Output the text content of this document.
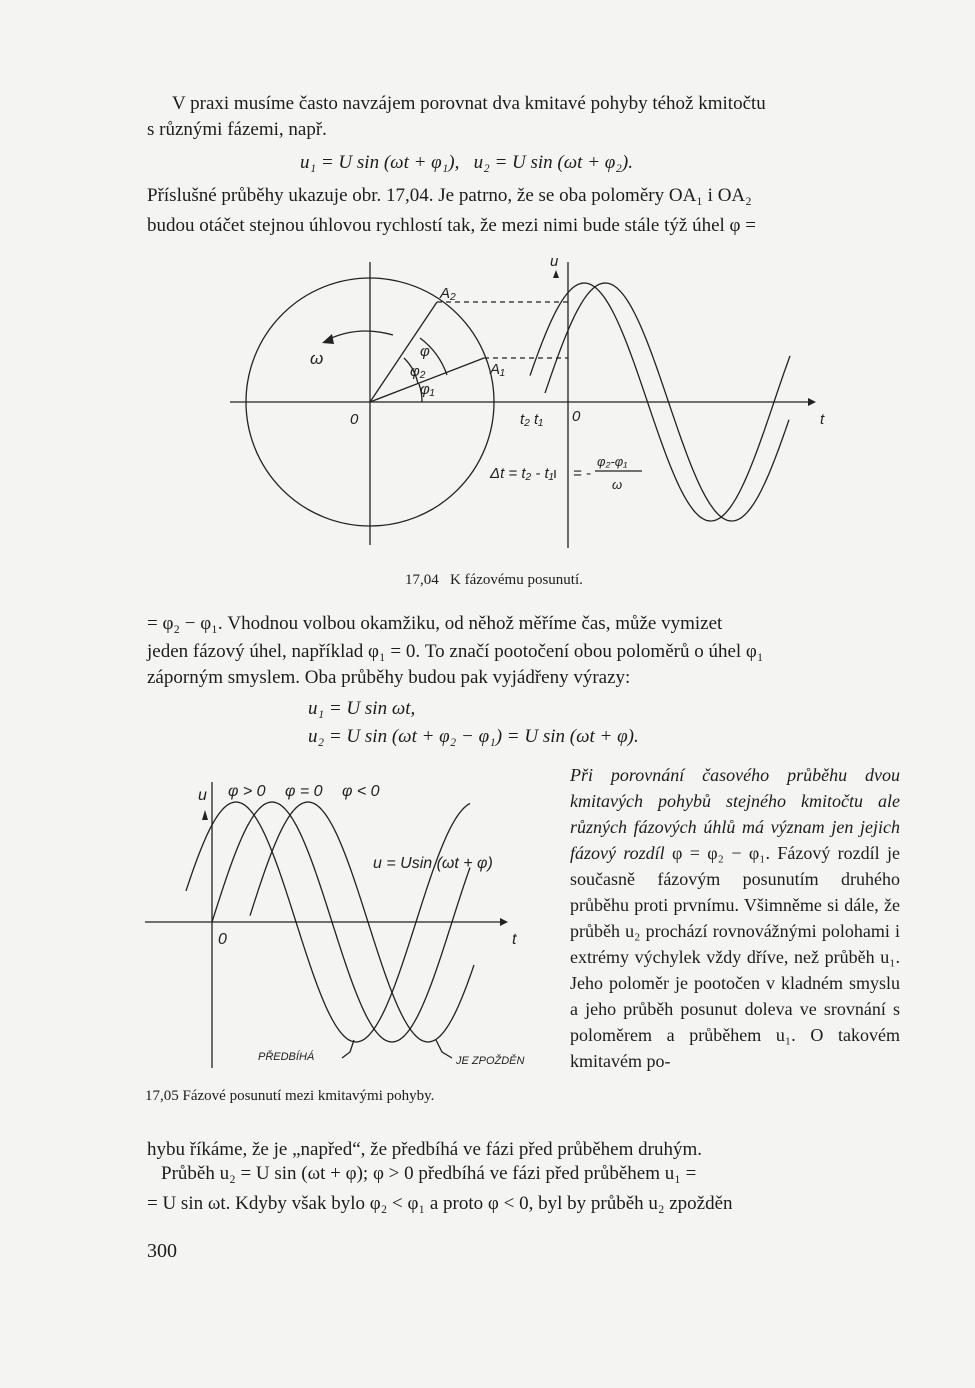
V praxi musíme často navzájem porovnat dva kmitavé pohyby téhož kmitočtu
s různými fázemi, např.
u₁ = U sin (ωt + φ₁),   u₂ = U sin (ωt + φ₂).
Příslušné průběhy ukazuje obr. 17,04. Je patrno, že se oba poloměry OA₁ i OA₂
budou otáčet stejnou úhlovou rychlostí tak, že mezi nimi bude stále týž úhel φ =
u
A₂
A₁
ω	φ
φ₂
φ₁
0	t₂ t₁ 0	t
Δt = t₂ - t₁ = -
φ₂-φ₁
ω
17,04 K fázovému posunutí.
= φ₂ − φ₁. Vhodnou volbou okamžiku, od něhož měříme čas, může vymizet
jeden fázový úhel, například φ₁ = 0. To značí pootočení obou poloměrů o úhel φ₁
záporným smyslem. Oba průběhy budou pak vyjádřeny výrazy:
u₁ = U sin ωt,
u₂ = U sin (ωt + φ₂ − φ₁) = U sin (ωt + φ).
u φ > 0 φ = 0 φ < 0
u = Usin (ωt + φ)
0	t
PŘEDBÍHÁ	JE ZPOŽDĚN
17,05 Fázové posunutí mezi kmitavými pohyby.
Při porovnání časového průběhu dvou kmitavých pohybů stejného kmitočtu ale různých fázových úhlů má význam jen jejich fázový rozdíl φ = φ₂ − φ₁. Fázový rozdíl je současně fázovým posunutím druhého průběhu proti prvnímu. Všimněme si dále, že průběh u₂ prochází rovnovážnými polohami i extrémy výchylek vždy dříve, než průběh u₁. Jeho poloměr je pootočen v kladném smyslu a jeho průběh posunut doleva ve srovnání s poloměrem a průběhem u₁. O takovém kmitavém po-
hybu říkáme, že je „napřed“, že předbíhá ve fázi před průběhem druhým.
Průběh u₂ = U sin (ωt + φ); φ > 0 předbíhá ve fázi před průběhem u₁ =
= U sin ωt. Kdyby však bylo φ₂ < φ₁ a proto φ < 0, byl by průběh u₂ zpožděn
300
